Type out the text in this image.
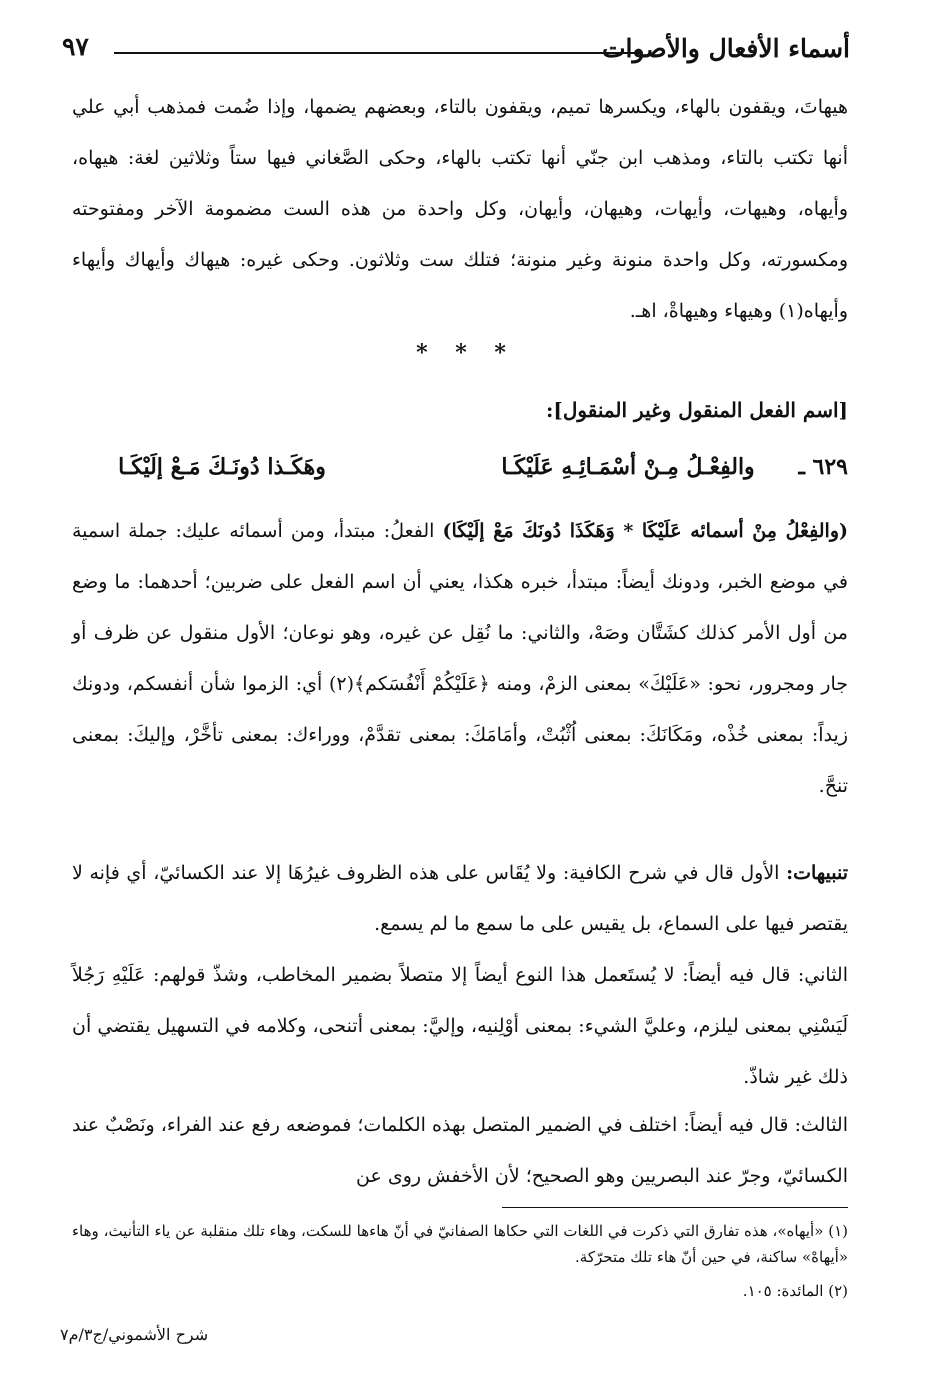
أسماء الأفعال والأصوات
٩٧
هيهاتَ، ويقفون بالهاء، ويكسرها تميم، ويقفون بالتاء، وبعضهم يضمها، وإذا ضُمت فمذهب أبي علي أنها تكتب بالتاء، ومذهب ابن جنّي أنها تكتب بالهاء، وحكى الصَّغاني فيها ستاً وثلاثين لغة: هيهاه، وأيهاه، وهيهات، وأيهات، وهيهان، وأيهان، وكل واحدة من هذه الست مضمومة الآخر ومفتوحته ومكسورته، وكل واحدة منونة وغير منونة؛ فتلك ست وثلاثون. وحكى غيره: هيهاك وأيهاك وأيهاء وأيهاه(١) وهيهاء وهيهاةْ، اهـ.
* * *
[اسم الفعل المنقول وغير المنقول]:
٦٢٩ ـ
والفِعْـلُ مِـنْ أسْمَـائِـهِ عَلَيْكَـا
وهَكَـذا دُونَـكَ مَـعْ إلَيْكَـا
(والفِعْلُ مِنْ أسمائه عَلَيْكَا * وَهَكَذَا دُونَكَ مَعْ إلَيْكَا) الفعلُ: مبتدأ، ومن أسمائه عليك: جملة اسمية في موضع الخبر، ودونك أيضاً: مبتدأ، خبره هكذا، يعني أن اسم الفعل على ضربين؛ أحدهما: ما وضع من أول الأمر كذلك كشَتَّان وصَهْ، والثاني: ما نُقِل عن غيره، وهو نوعان؛ الأول منقول عن ظرف أو جار ومجرور، نحو: «عَلَيْكَ» بمعنى الزمْ، ومنه ﴿عَلَيْكُمْ أَنْفُسَكم﴾(٢) أي: الزموا شأن أنفسكم، ودونك زيداً: بمعنى خُذْه، ومَكَانَكَ: بمعنى اُثْبُتْ، وأمَامَكَ: بمعنى تقدَّمْ، ووراءك: بمعنى تأخَّرْ، وإليكَ: بمعنى تنحَّ.
تنبيهات: الأول قال في شرح الكافية: ولا يُقَاس على هذه الظروف غيرُهَا إلا عند الكسائيّ، أي فإنه لا يقتصر فيها على السماع، بل يقيس على ما سمع ما لم يسمع.
الثاني: قال فيه أيضاً: لا يُستَعمل هذا النوع أيضاً إلا متصلاً بضمير المخاطب، وشذّ قولهم: عَلَيْهِ رَجُلاً لَيَسْنِي بمعنى ليلزم، وعليَّ الشيء: بمعنى أوْلِنيه، وإليَّ: بمعنى أتنحى، وكلامه في التسهيل يقتضي أن ذلك غير شاذّ.
الثالث: قال فيه أيضاً: اختلف في الضمير المتصل بهذه الكلمات؛ فموضعه رفع عند الفراء، ونَصْبٌ عند الكسائيّ، وجرّ عند البصريين وهو الصحيح؛ لأن الأخفش روى عن

(١) «أيهاه»، هذه تفارق التي ذكرت في اللغات التي حكاها الصفانيّ في أنّ هاءها للسكت، وهاء تلك منقلبة عن ياء التأنيث، وهاء «أيهاهْ» ساكنة، في حين أنّ هاء تلك متحرّكة.

(٢) المائدة: ١٠٥.

شرح الأشموني/ج٣/م٧
